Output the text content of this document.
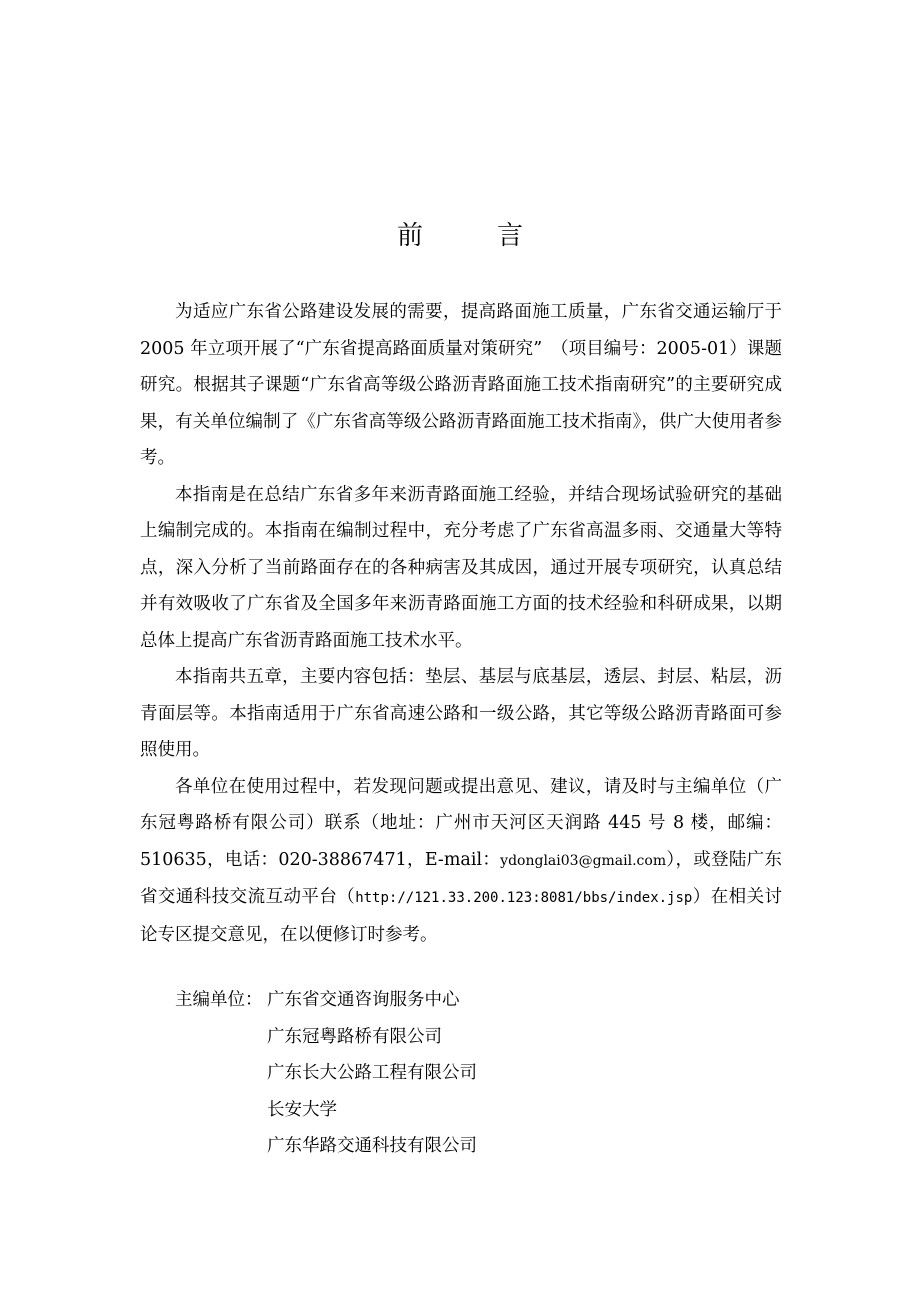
前　言

为适应广东省公路建设发展的需要，提高路面施工质量，广东省交通运输厅于 2005 年立项开展了“广东省提高路面质量对策研究”　（项目编号：2005-01）课题研究。根据其子课题“广东省高等级公路沥青路面施工技术指南研究”的主要研究成果，有关单位编制了《广东省高等级公路沥青路面施工技术指南》，供广大使用者参考。

本指南是在总结广东省多年来沥青路面施工经验，并结合现场试验研究的基础上编制完成的。本指南在编制过程中，充分考虑了广东省高温多雨、交通量大等特点，深入分析了当前路面存在的各种病害及其成因，通过开展专项研究，认真总结并有效吸收了广东省及全国多年来沥青路面施工方面的技术经验和科研成果，以期总体上提高广东省沥青路面施工技术水平。

本指南共五章，主要内容包括：垫层、基层与底基层，透层、封层、粘层，沥青面层等。本指南适用于广东省高速公路和一级公路，其它等级公路沥青路面可参照使用。

各单位在使用过程中，若发现问题或提出意见、建议，请及时与主编单位（广东冠粤路桥有限公司）联系（地址：广州市天河区天润路 445 号 8 楼，邮编：510635，电话：020-38867471，E-mail：ydonglai03@gmail.com），或登陆广东省交通科技交流互动平台（http://121.33.200.123:8081/bbs/index.jsp）在相关讨论专区提交意见，在以便修订时参考。

主编单位： 广东省交通咨询服务中心
广东冠粤路桥有限公司
广东长大公路工程有限公司
长安大学
广东华路交通科技有限公司
